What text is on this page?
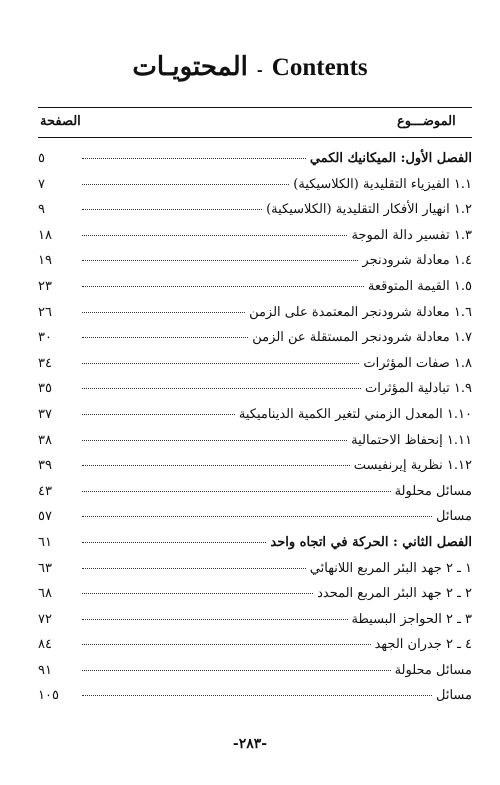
المحتويـات - Contents
الموضـــوع
الصفحة
الفصل الأول: الميكانيك الكمي
٥
١.١ الفيزياء التقليدية (الكلاسيكية)
٧
١.٢ انهيار الأفكار التقليدية (الكلاسيكية)
٩
١.٣ تفسير دالة الموجة
١٨
١.٤ معادلة شرودنجر
١٩
١.٥ القيمة المتوقعة
٢٣
١.٦ معادلة شرودنجر المعتمدة على الزمن
٢٦
١.٧ معادلة شرودنجر المستقلة عن الزمن
٣٠
١.٨ صفات المؤثرات
٣٤
١.٩ تبادلية المؤثرات
٣٥
١.١٠ المعدل الزمني لتغير الكمية الديناميكية
٣٧
١.١١ إنحفاظ الاحتمالية
٣٨
١.١٢ نظرية إيرنفيست
٣٩
مسائل محلولة
٤٣
مسائل
٥٧
الفصل الثاني : الحركة في اتجاه واحد
٦١
١ ـ ٢ جهد البئر المربع اللانهائي
٦٣
٢ ـ ٢ جهد البئر المربع المحدد
٦٨
٣ ـ ٢ الحواجز البسيطة
٧٢
٤ ـ ٢ جدران الجهد
٨٤
مسائل محلولة
٩١
مسائل
١٠٥
-٢٨٣-
